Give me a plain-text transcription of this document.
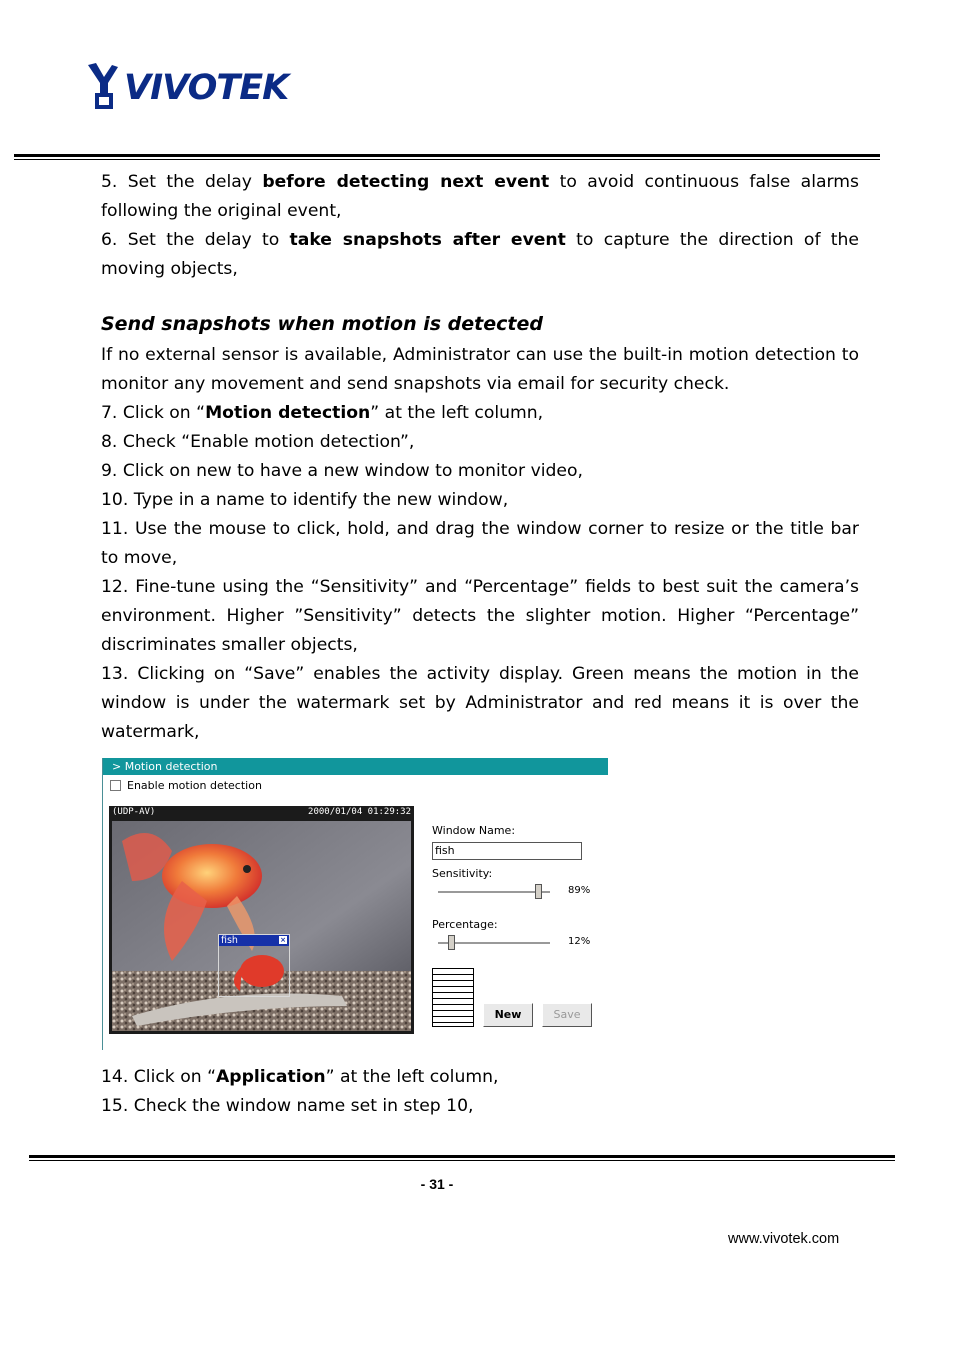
VIVOTEK

5. Set the delay before detecting next event to avoid continuous false alarms following the original event,

6. Set the delay to take snapshots after event to capture the direction of the moving objects,

Send snapshots when motion is detected

If no external sensor is available, Administrator can use the built-in motion detection to monitor any movement and send snapshots via email for security check.

7. Click on “Motion detection” at the left column,

8. Check “Enable motion detection”,

9. Click on new to have a new window to monitor video,

10. Type in a name to identify the new window,

11. Use the mouse to click, hold, and drag the window corner to resize or the title bar to move,

12. Fine-tune using the “Sensitivity” and “Percentage” fields to best suit the camera’s environment. Higher ”Sensitivity” detects the slighter motion. Higher “Percentage” discriminates smaller objects,

13. Clicking on “Save” enables the activity display. Green means the motion in the window is under the watermark set by Administrator and red means it is over the watermark,

> Motion detection
Enable motion detection
(UDP-AV)	2000/01/04 01:29:32
fish	×
Window Name:
fish
Sensitivity:
89%
Percentage:
12%
New	Save

14. Click on “Application” at the left column,

15. Check the window name set in step 10,

- 31 -
www.vivotek.com
